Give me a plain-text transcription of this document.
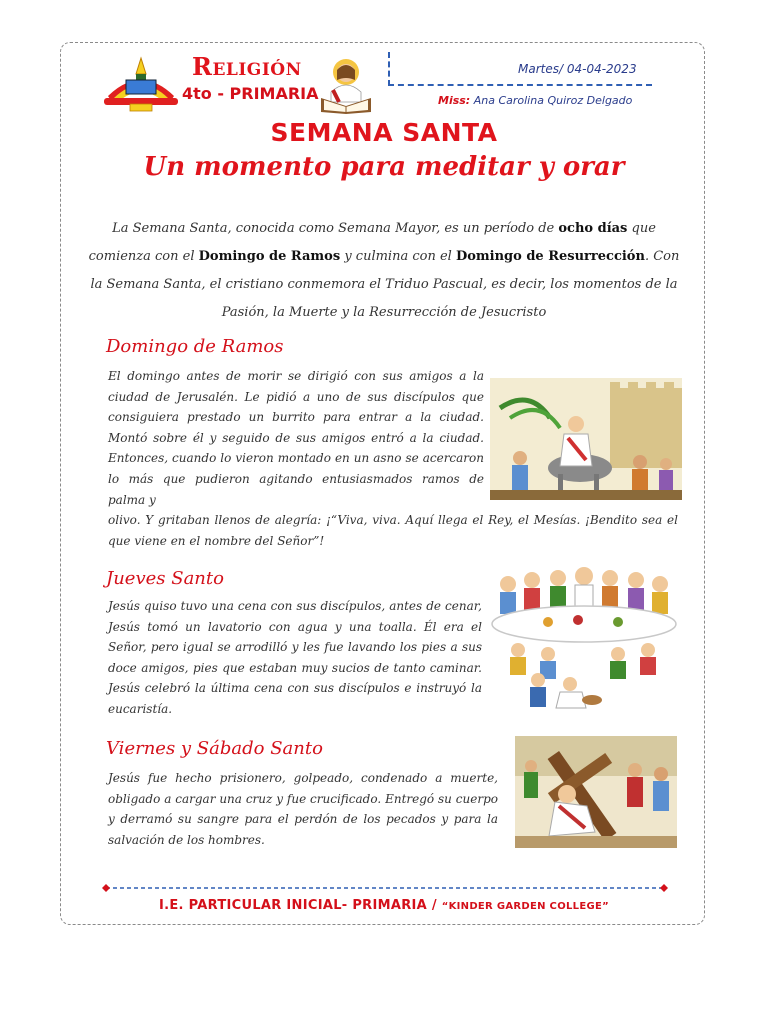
Religión
4to - PRIMARIA
Martes/ 04-04-2023
Miss: Ana Carolina Quiroz Delgado
SEMANA SANTA
Un momento para meditar y orar
La Semana Santa, conocida como Semana Mayor, es un período de ocho días que comienza con el Domingo de Ramos y culmina con el Domingo de Resurrección. Con la Semana Santa, el cristiano conmemora el Triduo Pascual, es decir, los momentos de la Pasión, la Muerte y la Resurrección de Jesucristo
Domingo de Ramos
El domingo antes de morir se dirigió con sus amigos a la ciudad de Jerusalén. Le pidió a uno de sus discípulos que consiguiera prestado un burrito para entrar a la ciudad. Montó sobre él y seguido de sus amigos entró a la ciudad. Entonces, cuando lo vieron montado en un asno se acercaron lo más que pudieron agitando entusiasmados ramos de palma y
olivo. Y gritaban llenos de alegría: ¡“Viva, viva. Aquí llega el Rey, el Mesías. ¡Bendito sea el que viene en el nombre del Señor”!
Jueves Santo
Jesús quiso tuvo una cena con sus discípulos, antes de cenar, Jesús tomó un lavatorio con agua y una toalla. Él era el Señor, pero igual se arrodilló y les fue lavando los pies a sus doce amigos, pies que estaban muy sucios de tanto caminar. Jesús celebró la última cena con sus discípulos e instruyó la eucaristía.
Viernes y Sábado Santo
Jesús fue hecho prisionero, golpeado, condenado a muerte, obligado a cargar una cruz y fue crucificado. Entregó su cuerpo y derramó su sangre para el perdón de los pecados y para la salvación de los hombres.
I.E. PARTICULAR INICIAL- PRIMARIA / “KINDER GARDEN COLLEGE”
